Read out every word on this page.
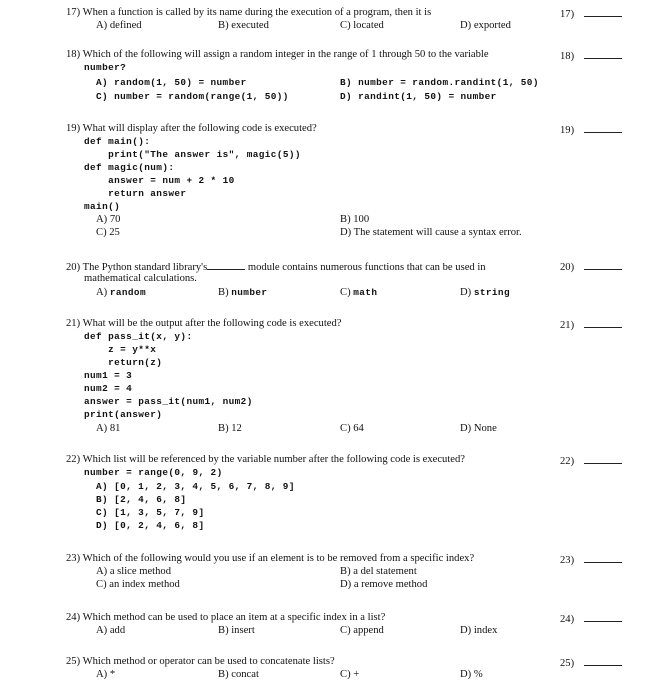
17) When a function is called by its name during the execution of a program, then it is
A) defined	B) executed	C) located	D) exported
17)
18) Which of the following will assign a random integer in the range of 1 through 50 to the variable
number?
A) random(1, 50) = number	B) number = random.randint(1, 50)
C) number = random(range(1, 50))	D) randint(1, 50) = number
18)
19) What will display after the following code is executed?
def main():
print("The answer is", magic(5))
def magic(num):
answer = num + 2 * 10
return answer
main()
A) 70	B) 100
C) 25	D) The statement will cause a syntax error.
19)
20) The Python standard library's	module contains numerous functions that can be used in
mathematical calculations.
A) random	B) number	C) math	D) string
20)
21) What will be the output after the following code is executed?
def pass_it(x, y):
z = y**x
return(z)
num1 = 3
num2 = 4
answer = pass_it(num1, num2)
print(answer)
A) 81	B) 12	C) 64	D) None
21)
22) Which list will be referenced by the variable number after the following code is executed?
number = range(0, 9, 2)
A) [0, 1, 2, 3, 4, 5, 6, 7, 8, 9]
B) [2, 4, 6, 8]
C) [1, 3, 5, 7, 9]
D) [0, 2, 4, 6, 8]
22)
23) Which of the following would you use if an element is to be removed from a specific index?
A) a slice method	B) a del statement
C) an index method	D) a remove method
23)
24) Which method can be used to place an item at a specific index in a list?
A) add	B) insert	C) append	D) index
24)
25) Which method or operator can be used to concatenate lists?
A) *	B) concat	C) +	D) %
25)
